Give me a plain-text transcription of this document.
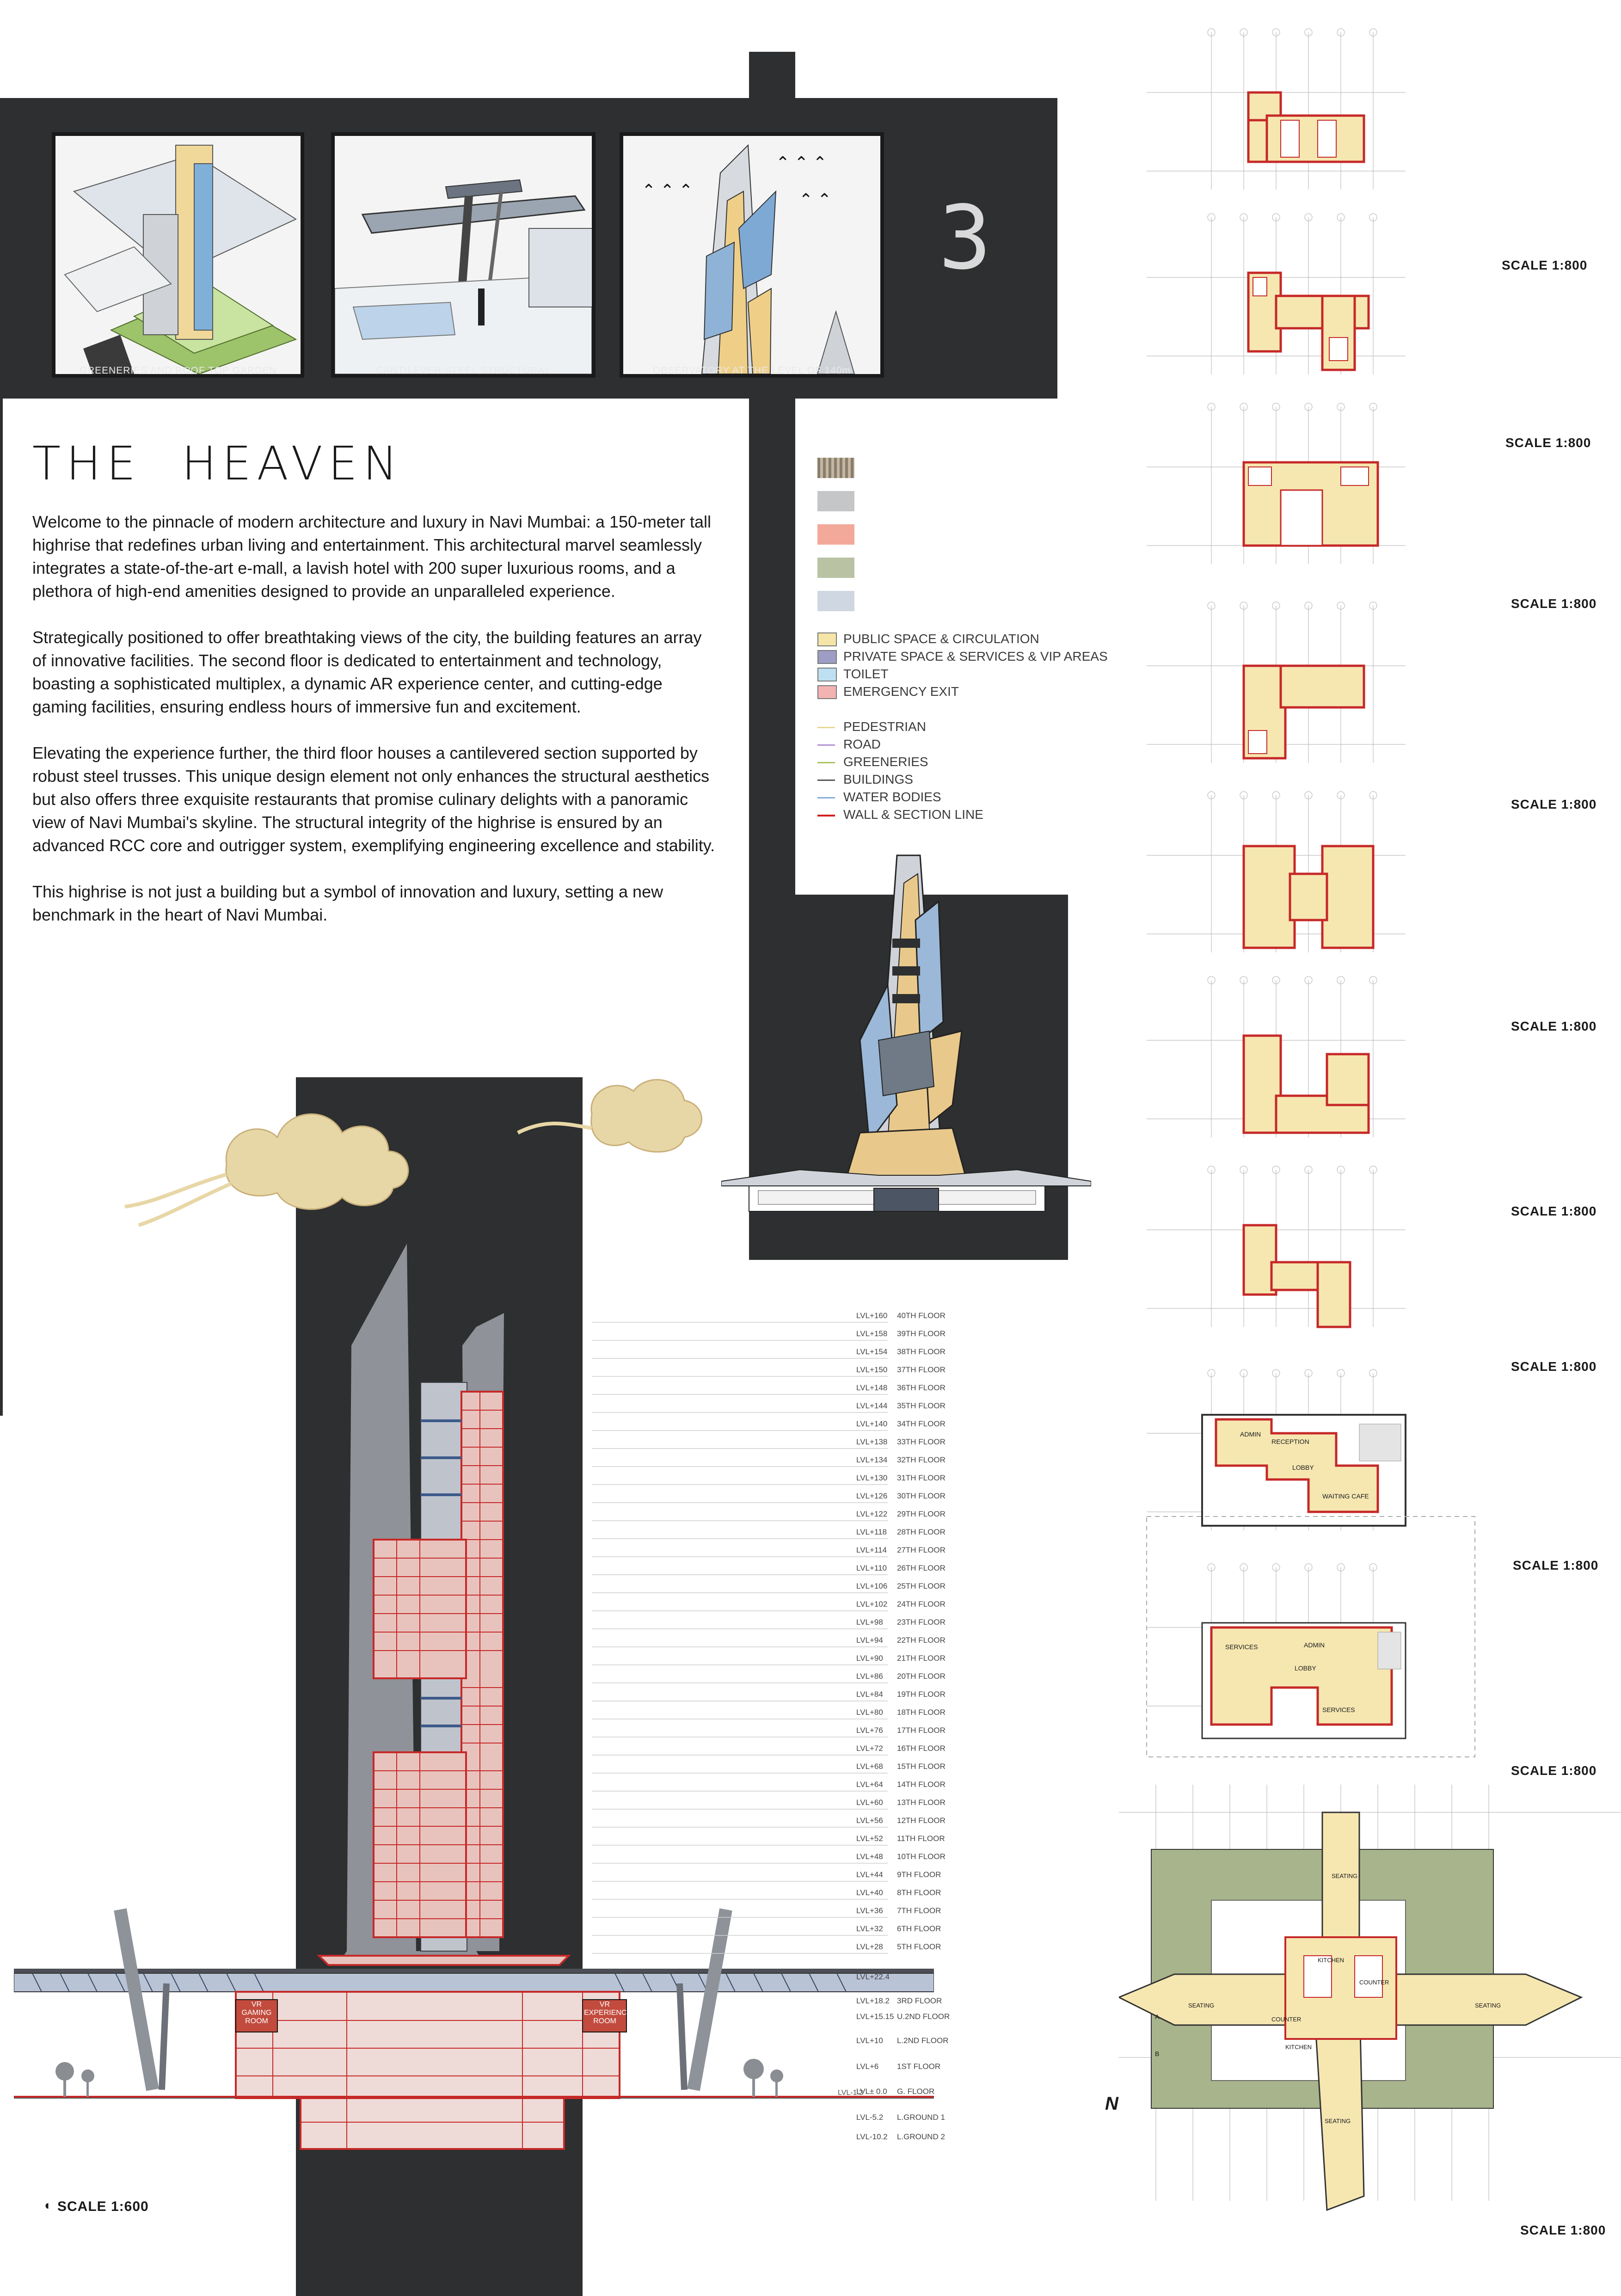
⌃ ⌃ ⌃
⌃ ⌃ ⌃
⌃ ⌃
GREENERIES AND ROOF TOP GARDEN	CANTILEVER STEEL STRUCTURAL	OBSERVATORY AT THE LEVEL OF 140m
3
THE  HEAVEN

Welcome to the pinnacle of modern architecture and luxury in Navi Mumbai: a 150-meter tall highrise that redefines urban living and entertainment. This architectural marvel seamlessly integrates a state-of-the-art e-mall, a lavish hotel with 200 super luxurious rooms, and a plethora of high-end amenities designed to provide an unparalleled experience.

Strategically positioned to offer breathtaking views of the city, the building features an array of innovative facilities. The second floor is dedicated to entertainment and technology, boasting a sophisticated multiplex, a dynamic AR experience center, and cutting-edge gaming facilities, ensuring endless hours of immersive fun and excitement.

Elevating the experience further, the third floor houses a cantilevered section supported by robust steel trusses. This unique design element not only enhances the structural aesthetics but also offers three exquisite restaurants that promise culinary delights with a panoramic view of Navi Mumbai's skyline. The structural integrity of the highrise is ensured by an advanced RCC core and outrigger system, exemplifying engineering excellence and stability.

This highrise is not just a building but a symbol of innovation and luxury, setting a new benchmark in the heart of Navi Mumbai.

PUBLIC SPACE & CIRCULATION
PRIVATE SPACE & SERVICES & VIP AREAS
TOILET
EMERGENCY EXIT
PEDESTRIAN
ROAD
GREENERIES
BUILDINGS
WATER BODIES
WALL & SECTION LINE
VR GAMING ROOM
VR EXPERIENCE ROOM
LVL+160 40TH FLOOR
LVL+158 39TH FLOOR
LVL+154 38TH FLOOR
LVL+150 37TH FLOOR
LVL+148 36TH FLOOR
LVL+144 35TH FLOOR
LVL+140 34TH FLOOR
LVL+138 33TH FLOOR
LVL+134 32TH FLOOR
LVL+130 31TH FLOOR
LVL+126 30TH FLOOR
LVL+122 29TH FLOOR
LVL+118 28TH FLOOR
LVL+114 27TH FLOOR
LVL+110 26TH FLOOR
LVL+106 25TH FLOOR
LVL+102 24TH FLOOR
LVL+98 23TH FLOOR
LVL+94 22TH FLOOR
LVL+90 21TH FLOOR
LVL+86 20TH FLOOR
LVL+84 19TH FLOOR
LVL+80 18TH FLOOR
LVL+76 17TH FLOOR
LVL+72 16TH FLOOR
LVL+68 15TH FLOOR
LVL+64 14TH FLOOR
LVL+60 13TH FLOOR
LVL+56 12TH FLOOR
LVL+52 11TH FLOOR
LVL+48 10TH FLOOR
LVL+44 9TH FLOOR
LVL+40 8TH FLOOR
LVL+36 7TH FLOOR
LVL+32 6TH FLOOR
LVL+28 5TH FLOOR
LVL+22.4
LVL+18.2 3RD FLOOR
LVL+15.15 U.2ND FLOOR
LVL+10 L.2ND FLOOR
LVL+6 1ST FLOOR
LVL± 0.0 G. FLOOR
LVL-5.2 L.GROUND 1
LVL-10.2 L.GROUND 2
LVL-1.2
SCALE 1:600
◐
ADMIN
RECEPTION
LOBBY
WAITING CAFE
SERVICES	ADMIN
LOBBY
SERVICES
SEATING
KITCHEN
COUNTER
SEATING	SEATING
COUNTER
KITCHEN
SEATING
N
A
B
SCALE 1:800
SCALE 1:800
SCALE 1:800
SCALE 1:800
SCALE 1:800
SCALE 1:800
SCALE 1:800
SCALE 1:800
SCALE 1:800
SCALE 1:800
